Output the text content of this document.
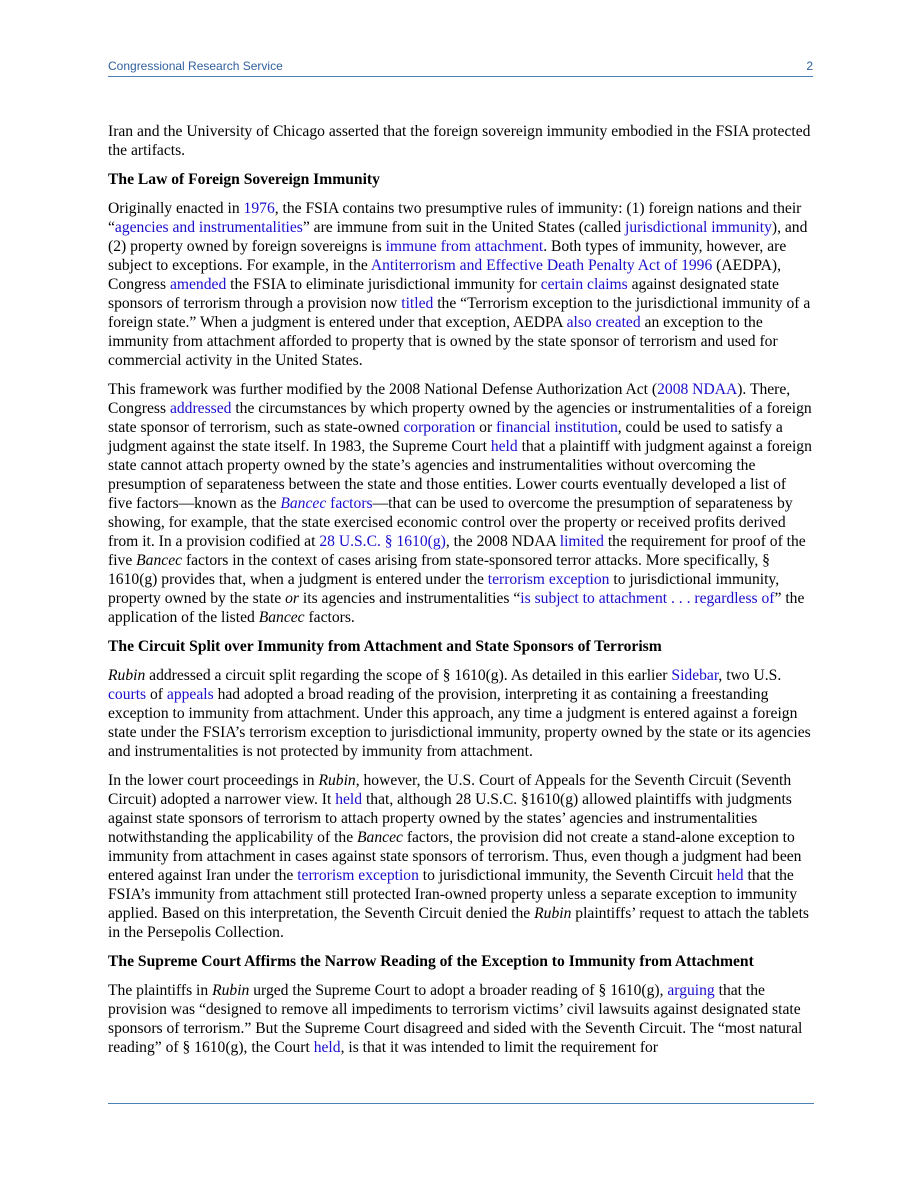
Congressional Research Service	2

Iran and the University of Chicago asserted that the foreign sovereign immunity embodied in the FSIA protected the artifacts.

The Law of Foreign Sovereign Immunity

Originally enacted in 1976, the FSIA contains two presumptive rules of immunity: (1) foreign nations and their “agencies and instrumentalities” are immune from suit in the United States (called jurisdictional immunity), and (2) property owned by foreign sovereigns is immune from attachment. Both types of immunity, however, are subject to exceptions. For example, in the Antiterrorism and Effective Death Penalty Act of 1996 (AEDPA), Congress amended the FSIA to eliminate jurisdictional immunity for certain claims against designated state sponsors of terrorism through a provision now titled the “Terrorism exception to the jurisdictional immunity of a foreign state.” When a judgment is entered under that exception, AEDPA also created an exception to the immunity from attachment afforded to property that is owned by the state sponsor of terrorism and used for commercial activity in the United States.

This framework was further modified by the 2008 National Defense Authorization Act (2008 NDAA). There, Congress addressed the circumstances by which property owned by the agencies or instrumentalities of a foreign state sponsor of terrorism, such as state-owned corporation or financial institution, could be used to satisfy a judgment against the state itself. In 1983, the Supreme Court held that a plaintiff with judgment against a foreign state cannot attach property owned by the state’s agencies and instrumentalities without overcoming the presumption of separateness between the state and those entities. Lower courts eventually developed a list of five factors—known as the Bancec factors—that can be used to overcome the presumption of separateness by showing, for example, that the state exercised economic control over the property or received profits derived from it. In a provision codified at 28 U.S.C. § 1610(g), the 2008 NDAA limited the requirement for proof of the five Bancec factors in the context of cases arising from state-sponsored terror attacks. More specifically, § 1610(g) provides that, when a judgment is entered under the terrorism exception to jurisdictional immunity, property owned by the state or its agencies and instrumentalities “is subject to attachment . . . regardless of” the application of the listed Bancec factors.

The Circuit Split over Immunity from Attachment and State Sponsors of Terrorism

Rubin addressed a circuit split regarding the scope of § 1610(g). As detailed in this earlier Sidebar, two U.S. courts of appeals had adopted a broad reading of the provision, interpreting it as containing a freestanding exception to immunity from attachment. Under this approach, any time a judgment is entered against a foreign state under the FSIA’s terrorism exception to jurisdictional immunity, property owned by the state or its agencies and instrumentalities is not protected by immunity from attachment.

In the lower court proceedings in Rubin, however, the U.S. Court of Appeals for the Seventh Circuit (Seventh Circuit) adopted a narrower view. It held that, although 28 U.S.C. §1610(g) allowed plaintiffs with judgments against state sponsors of terrorism to attach property owned by the states’ agencies and instrumentalities notwithstanding the applicability of the Bancec factors, the provision did not create a stand-alone exception to immunity from attachment in cases against state sponsors of terrorism. Thus, even though a judgment had been entered against Iran under the terrorism exception to jurisdictional immunity, the Seventh Circuit held that the FSIA’s immunity from attachment still protected Iran-owned property unless a separate exception to immunity applied. Based on this interpretation, the Seventh Circuit denied the Rubin plaintiffs’ request to attach the tablets in the Persepolis Collection.

The Supreme Court Affirms the Narrow Reading of the Exception to Immunity from Attachment

The plaintiffs in Rubin urged the Supreme Court to adopt a broader reading of § 1610(g), arguing that the provision was “designed to remove all impediments to terrorism victims’ civil lawsuits against designated state sponsors of terrorism.” But the Supreme Court disagreed and sided with the Seventh Circuit. The “most natural reading” of § 1610(g), the Court held, is that it was intended to limit the requirement for
